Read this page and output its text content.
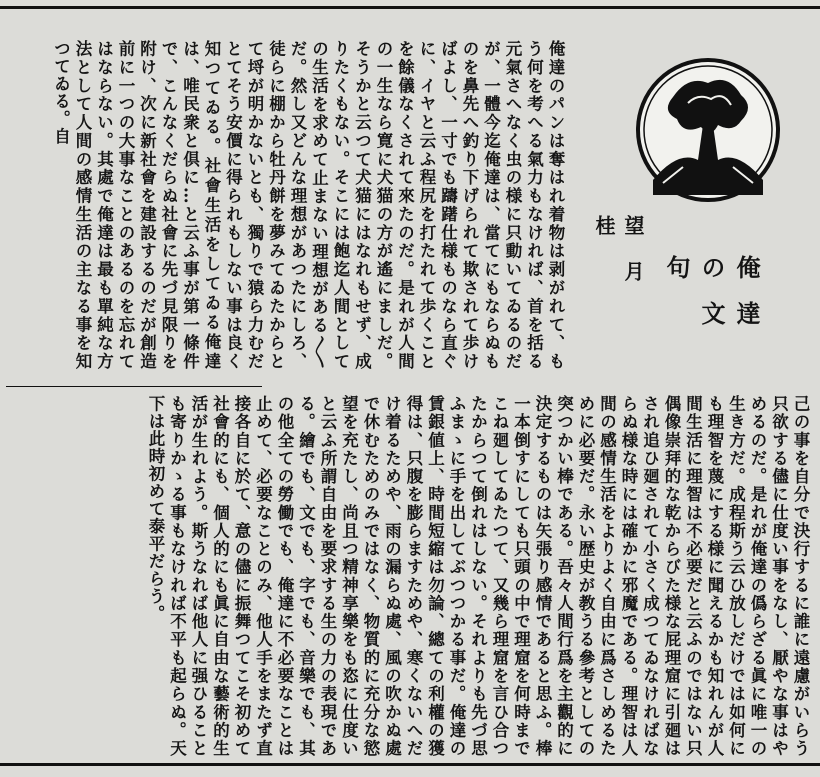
俺達のパンは奪はれ着物は剥がれて、もう何を考へる氣力もなければ、首を括る元氣さへなく虫の様に只動いてゐるのだが、一體今迄俺達は、當てにもならぬものを鼻先へ釣り下げられて欺されて歩けばよし、一寸でも躊躇仕様ものなら直ぐに、イヤと云ふ程尻を打たれて歩くことを餘儀なくされて來たのだ。是れが人間の一生なら寛に犬猫の方が遙にましだ。そうかと云つて犬猫にはなれもせず、成りたくもない。そこには飽迄人間としての生活を求めて止まない理想がある〳〵だ。然し又どんな理想があつたにしろ、徒らに棚から牡丹餅を夢みてゐたからとて埒が明かないとも、獨りで猿ら力むだとてそう安價に得られもしない事は良く知つてゐる。社會生活をしてゐる俺達は、唯民衆と倶に…と云ふ事が第一條件で、こんなくだらぬ社會に先づ見限りを附け、次に新社會を建設するのだが創造前に一つの大事なことのあるのを忘れてはならない。其處で俺達は最も單純な方法として人間の感情生活の主なる事を知つてゐる。自

望月 桂
俺達の文句

己の事を自分で決行するに誰に遠慮がいらう只欲する儘に仕度い事をなし、厭やな事はやめるのだ。是れが俺達の僞らざる眞に唯一の生き方だ。成程斯う云ひ放しだけでは如何にも理智を蔑にする様に聞えるかも知れんが人間生活に理智は不必要だと云ふのではない只偶像崇拜的な乾からびた様な屁理窟に引廻はされ追ひ廻されて小さく成つてゐなければならぬ様な時には確かに邪魔である。理智は人間の感情生活をよりよく自由に爲さしめるために必要だ。永い歴史が教うる參考としての突つかい棒である。吾々人間行爲を主觀的に決定するものは矢張り感情であると思ふ。棒一本倒すにしても只頭の中で理窟を何時までこね廻してゐたつて、又幾ら理窟を言ひ合つたからつて倒れはしない。それよりも先づ思ふまゝに手を出してぶつつかる事だ。俺達の賃銀値上、時間短縮は勿論、總ての利權の獲得は、只腹を膨らますためや、寒くないへだけ着るためや、雨の漏らぬ處、風の吹かぬ處で休むためのみではなく、物質的に充分な慾望を充たし、尚且つ精神享樂をも恣に仕度いと云ふ所謂自由を要求する生の力の表現である。繪でも、文でも、字でも、音樂でも、其の他全ての勞働でも、俺達に不必要なことは止めて、必要なことのみ、他人手をまたず直接各自に於て、意の儘に振舞つてこそ初めて社會的にも、個人的にも眞に自由な藝術的生活が生れよう。斯うなれば他人に强ひることも寄りかゝる事もなければ不平も起らぬ。天下は此時初めて泰平だらう。
